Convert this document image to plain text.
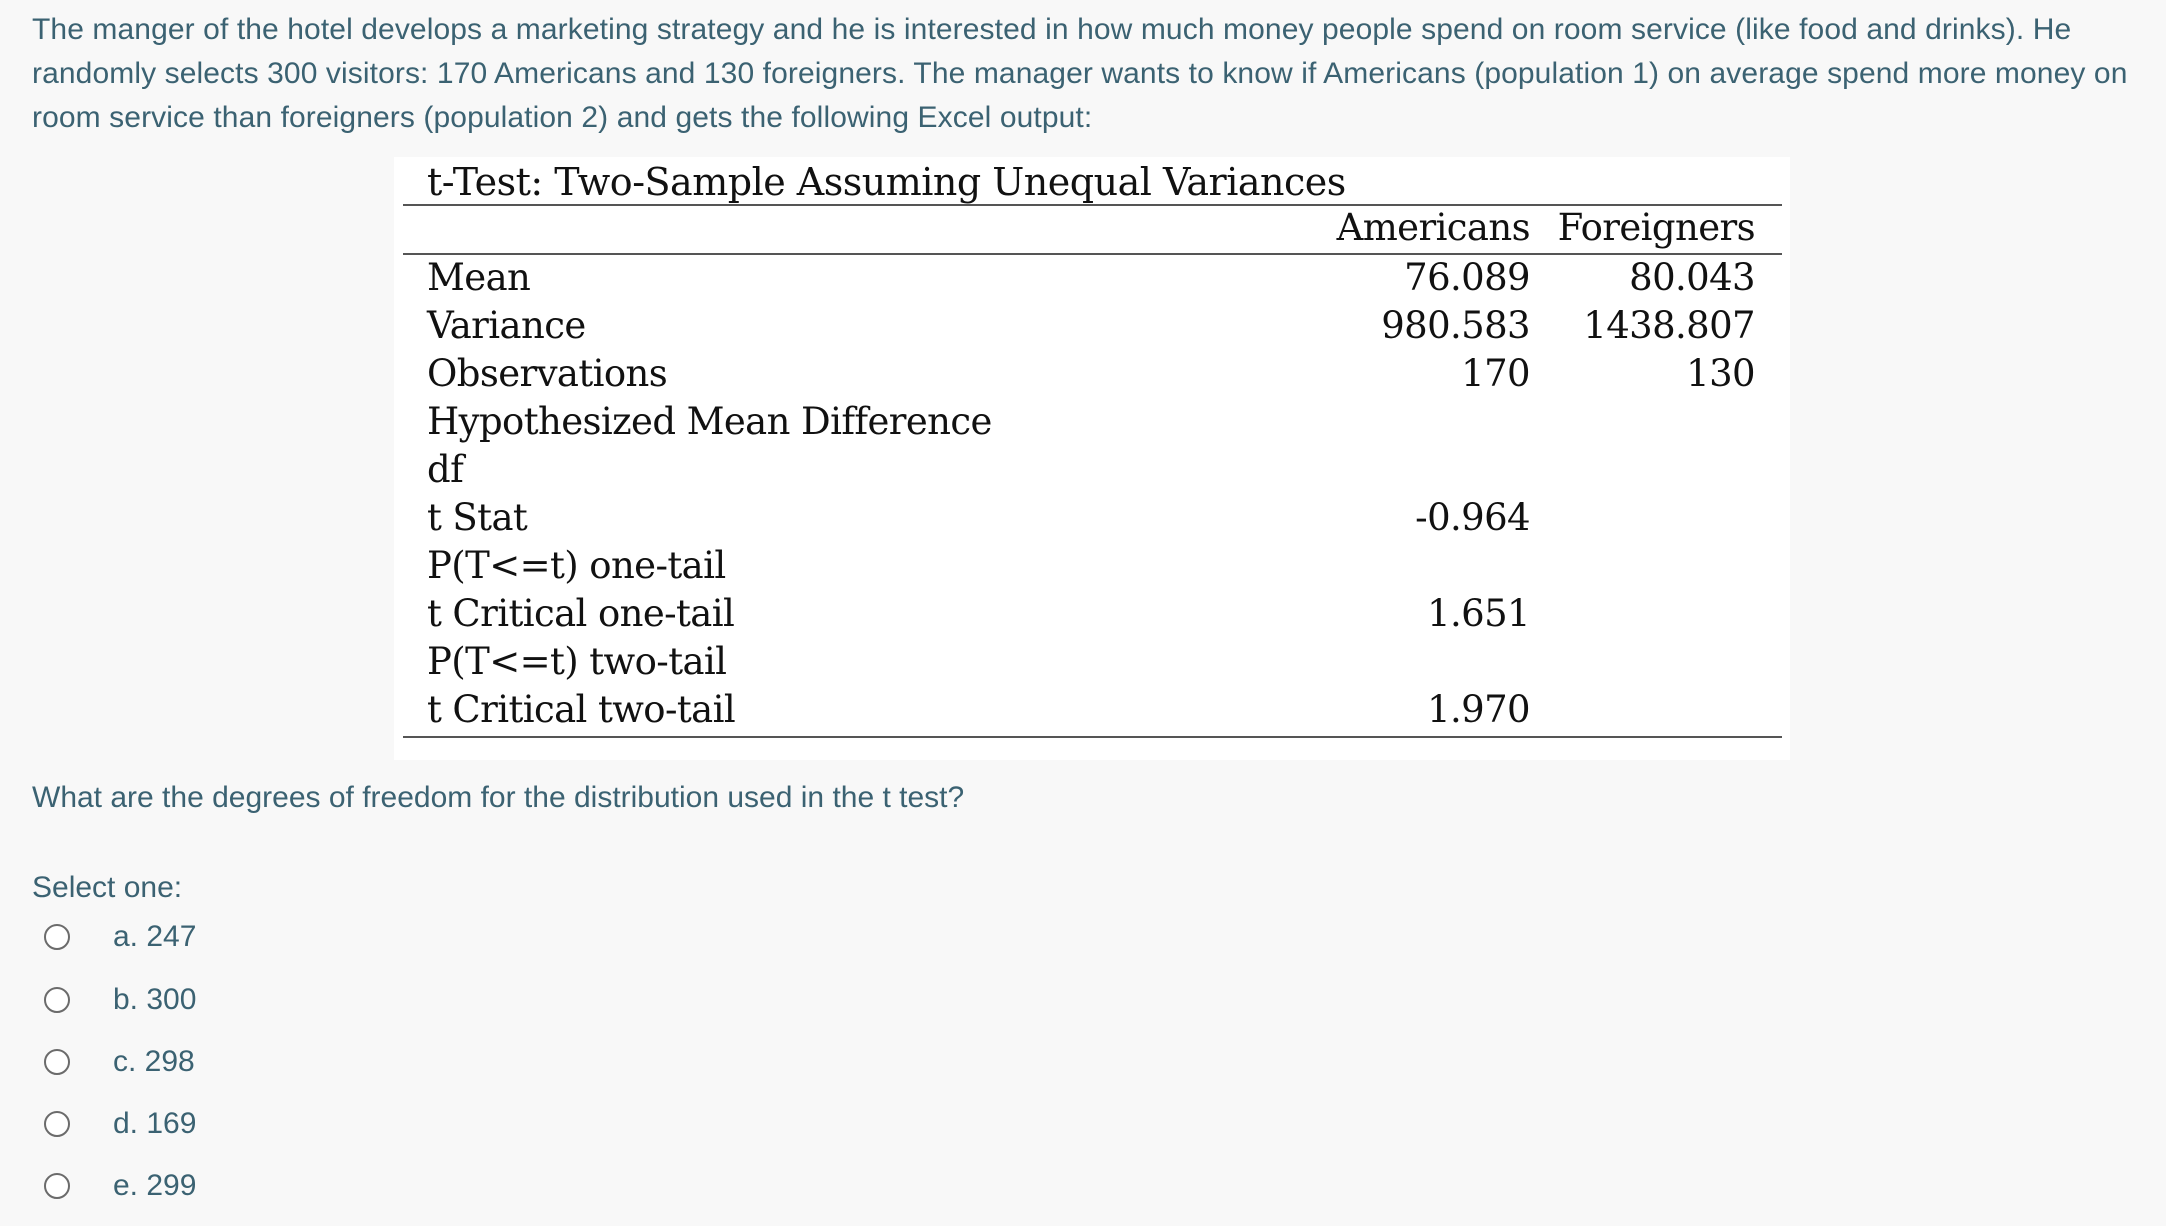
The manger of the hotel develops a marketing strategy and he is interested in how much money people spend on room service (like food and drinks). He randomly selects 300 visitors: 170 Americans and 130 foreigners. The manager wants to know if Americans (population 1) on average spend more money on room service than foreigners (population 2) and gets the following Excel output:

t-Test: Two-Sample Assuming Unequal Variances
Americans Foreigners
Mean	76.089	80.043
Variance	980.583 1438.807
Observations	170	130
Hypothesized Mean Difference
df
t Stat	-0.964
P(T<=t) one-tail
t Critical one-tail	1.651
P(T<=t) two-tail
t Critical two-tail	1.970

What are the degrees of freedom for the distribution used in the t test?

Select one:

a. 247
b. 300
c. 298
d. 169
e. 299
